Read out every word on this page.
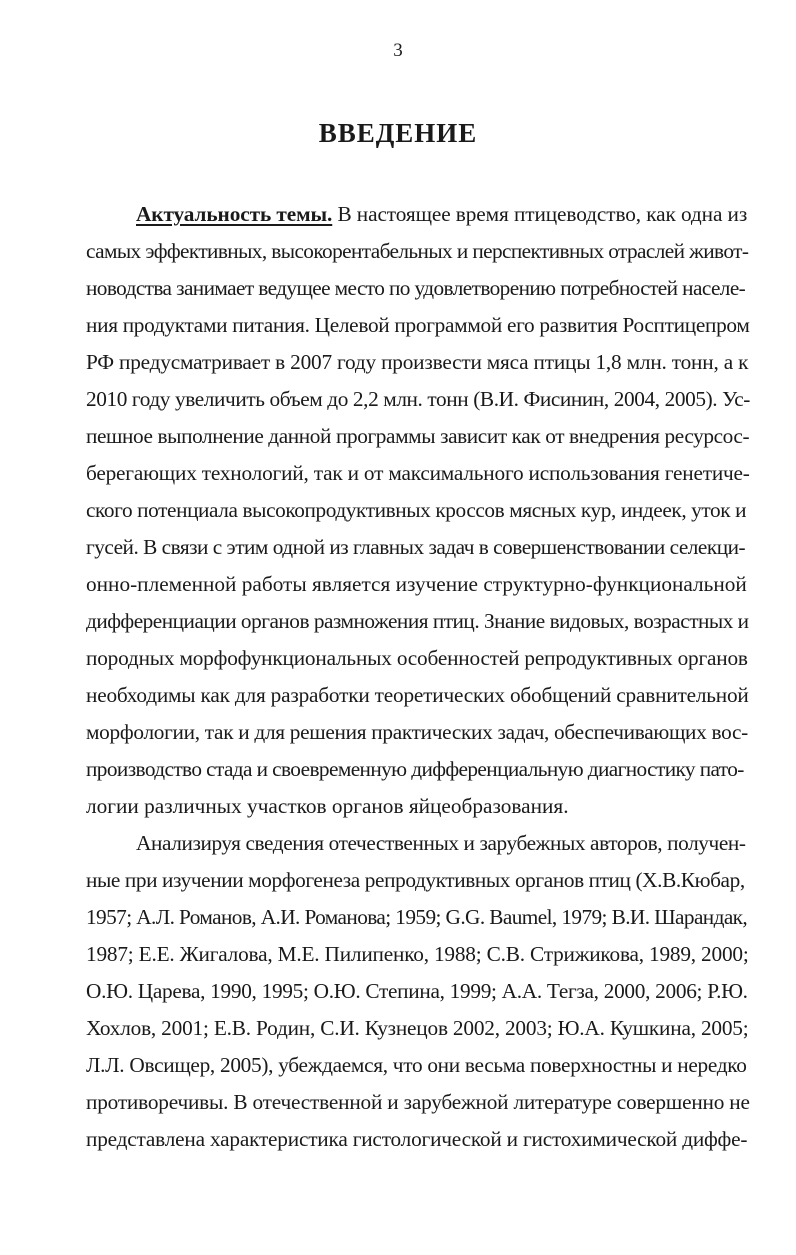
3
ВВЕДЕНИЕ
Актуальность темы. В настоящее время птицеводство, как одна из
самых эффективных, высокорентабельных и перспективных отраслей живот-
новодства занимает ведущее место по удовлетворению потребностей населе-
ния продуктами питания. Целевой программой его развития Росптицепром
РФ предусматривает в 2007 году произвести мяса птицы 1,8 млн. тонн, а к
2010 году увеличить объем до 2,2 млн. тонн (В.И. Фисинин, 2004, 2005). Ус-
пешное выполнение данной программы зависит как от внедрения ресурсос-
берегающих технологий, так и от максимального использования генетиче-
ского потенциала высокопродуктивных кроссов мясных кур, индеек, уток и
гусей. В связи с этим одной из главных задач в совершенствовании селекци-
онно-племенной работы является изучение структурно-функциональной
дифференциации органов размножения птиц. Знание видовых, возрастных и
породных морфофункциональных особенностей репродуктивных органов
необходимы как для разработки теоретических обобщений сравнительной
морфологии, так и для решения практических задач, обеспечивающих вос-
производство стада и своевременную дифференциальную диагностику пато-
логии различных участков органов яйцеобразования.
Анализируя сведения отечественных и зарубежных авторов, получен-
ные при изучении морфогенеза репродуктивных органов птиц (Х.В.Кюбар,
1957; А.Л. Романов, А.И. Романова; 1959; G.G. Baumel, 1979; В.И. Шарандак,
1987; Е.Е. Жигалова, М.Е. Пилипенко, 1988; С.В. Стрижикова, 1989, 2000;
О.Ю. Царева, 1990, 1995; О.Ю. Степина, 1999; А.А. Тегза, 2000, 2006; Р.Ю.
Хохлов, 2001; Е.В. Родин, С.И. Кузнецов 2002, 2003; Ю.А. Кушкина, 2005;
Л.Л. Овсищер, 2005), убеждаемся, что они весьма поверхностны и нередко
противоречивы. В отечественной и зарубежной литературе совершенно не
представлена характеристика гистологической и гистохимической диффе-
